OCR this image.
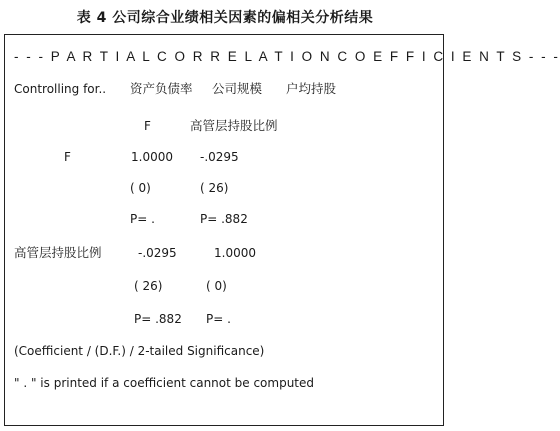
表 4 公司综合业绩相关因素的偏相关分析结果
- - - P A R T I A L C O R R E L A T I O N C O E F F I C I E N T S - - -
Controlling for.. 资产负债率 公司规模 户均持股
F	高管层持股比例
F	1.0000 -.0295
( 0)	( 26)
P= .	P= .882
高管层持股比例	-.0295	1.0000
( 26)	( 0)
P= .882 P= .
(Coefficient / (D.F.) / 2-tailed Significance)
" . " is printed if a coefficient cannot be computed
